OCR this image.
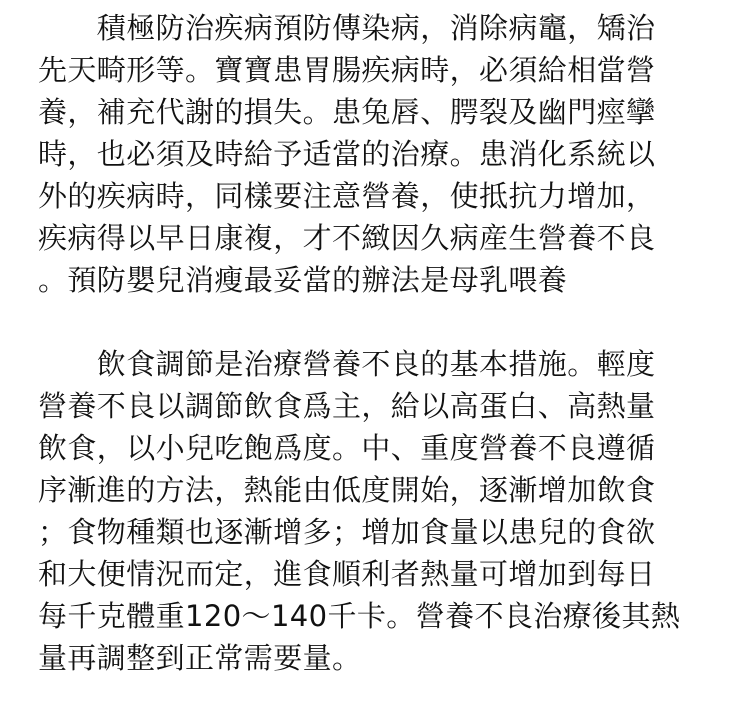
　　積極防治疾病預防傳染病，消除病竈，矯治
先天畸形等。寶寶患胃腸疾病時，必須給相當營
養，補充代謝的損失。患兔唇、腭裂及幽門痙攣
時，也必須及時給予适當的治療。患消化系統以
外的疾病時，同樣要注意營養，使抵抗力增加，
疾病得以早日康複，才不緻因久病産生營養不良
。預防嬰兒消瘦最妥當的辦法是母乳喂養
　　飲食調節是治療營養不良的基本措施。輕度
營養不良以調節飲食爲主，給以高蛋白、高熱量
飲食，以小兒吃飽爲度。中、重度營養不良遵循
序漸進的方法，熱能由低度開始，逐漸增加飲食
；食物種類也逐漸增多；增加食量以患兒的食欲
和大便情況而定，進食順利者熱量可增加到每日
每千克體重120～140千卡。營養不良治療後其熱
量再調整到正常需要量。
